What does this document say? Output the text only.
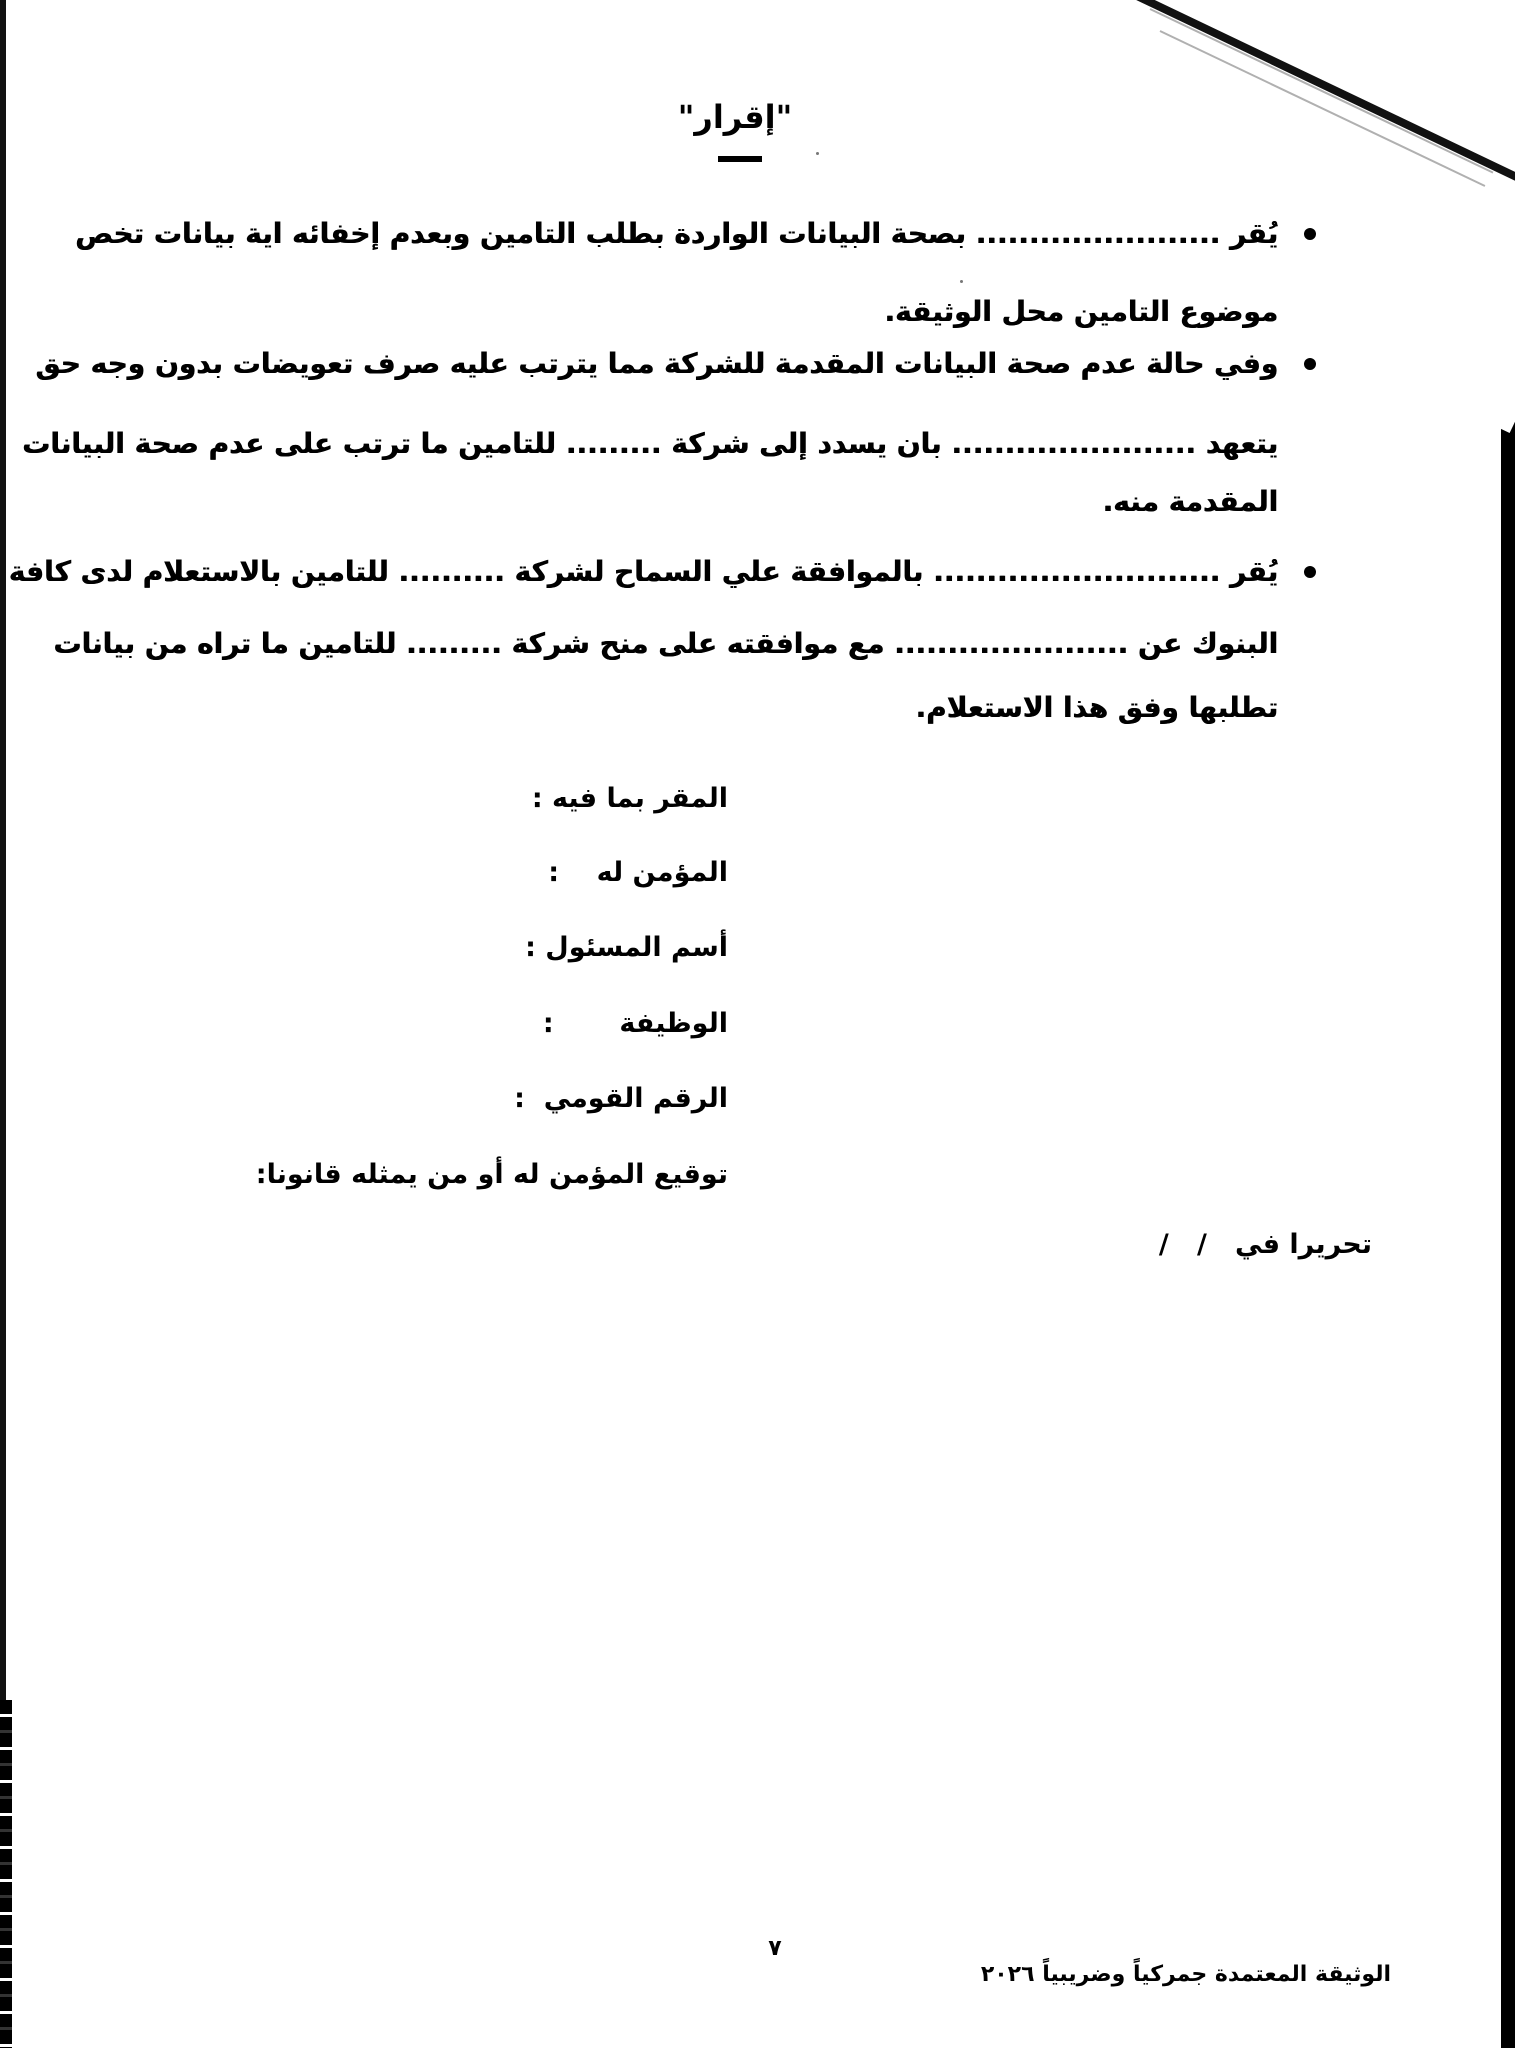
"إقرار"
يُقر ....................... بصحة البيانات الواردة بطلب التامين وبعدم إخفائه اية بيانات تخص
موضوع التامين محل الوثيقة.
وفي حالة عدم صحة البيانات المقدمة للشركة مما يترتب عليه صرف تعويضات بدون وجه حق
يتعهد ....................... بان يسدد إلى شركة ......... للتامين ما ترتب على عدم صحة البيانات
المقدمة منه.
يُقر ........................... بالموافقة علي السماح لشركة .......... للتامين بالاستعلام لدى كافة
البنوك عن ...................... مع موافقته على منح شركة ......... للتامين ما تراه من بيانات
تطلبها وفق هذا الاستعلام.
المقر بما فيه :
المؤمن له    :
أسم المسئول :
الوظيفة       :
الرقم القومي  :
توقيع المؤمن له أو من يمثله قانونا:
تحريرا في   /   /
٧
الوثيقة المعتمدة جمركياً وضريبياً ٢٠٢٦
